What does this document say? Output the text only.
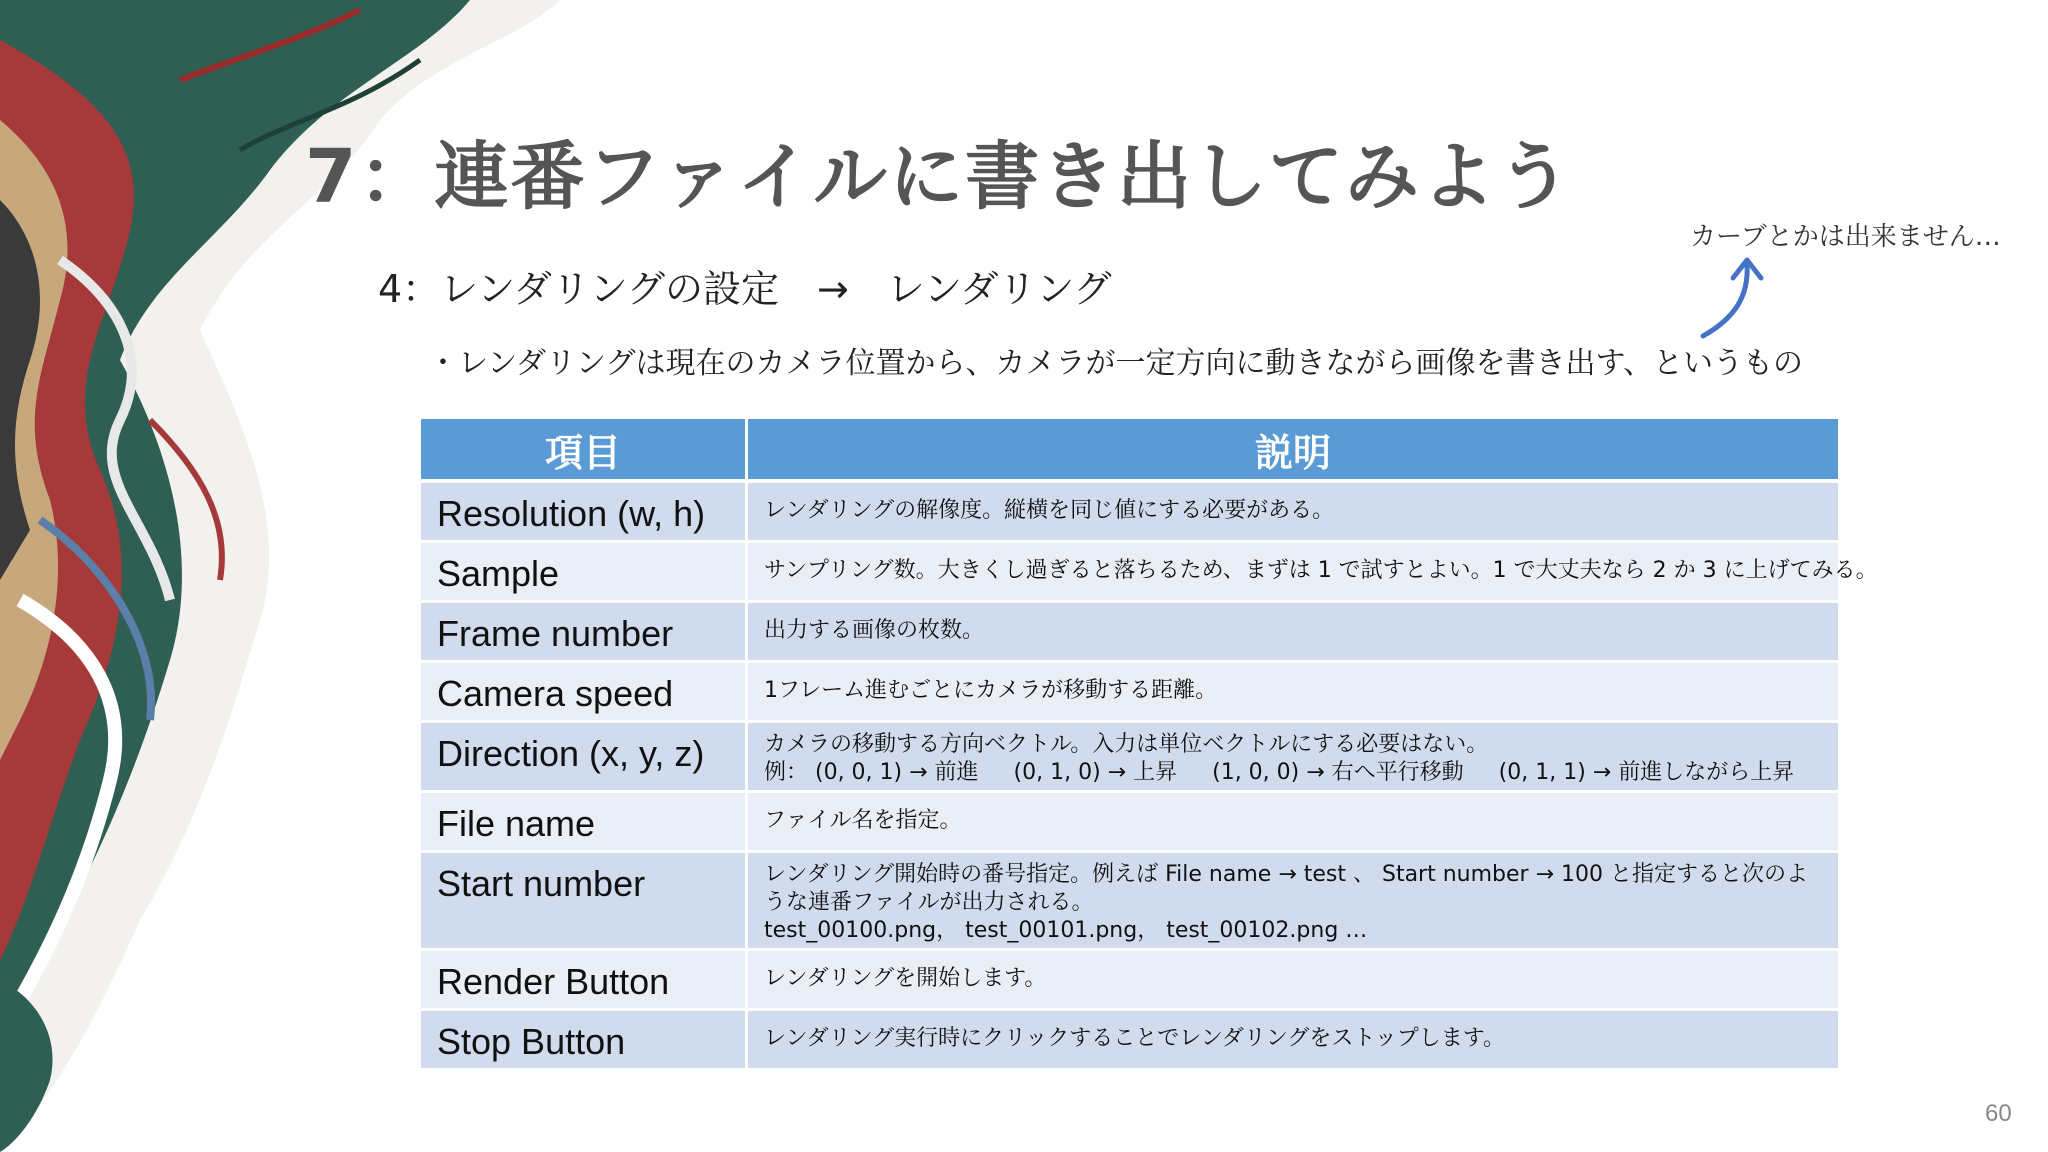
7：連番ファイルに書き出してみよう
4：レンダリングの設定　→　レンダリング
・レンダリングは現在のカメラ位置から、カメラが一定方向に動きながら画像を書き出す、というもの
カーブとかは出来ません…
項目	説明
Resolution (w, h)	レンダリングの解像度。縦横を同じ値にする必要がある。

Sample	サンプリング数。大きくし過ぎると落ちるため、まずは 1 で試すとよい。1 で大丈夫なら 2 か 3 に上げてみる。

Frame number	出力する画像の枚数。

Camera speed	1フレーム進むごとにカメラが移動する距離。

Direction (x, y, z)	カメラの移動する方向ベクトル。入力は単位ベクトルにする必要はない。
例： (0, 0, 1) → 前進 (0, 1, 0) → 上昇 (1, 0, 0) → 右へ平行移動 (0, 1, 1) → 前進しながら上昇
File name	ファイル名を指定。

Start number	レンダリング開始時の番号指定。例えば File name → test 、 Start number → 100 と指定すると次のような連番ファイルが出力される。
test_00100.png， test_00101.png， test_00102.png …

Render Button	レンダリングを開始します。

Stop Button	レンダリング実行時にクリックすることでレンダリングをストップします。
60
